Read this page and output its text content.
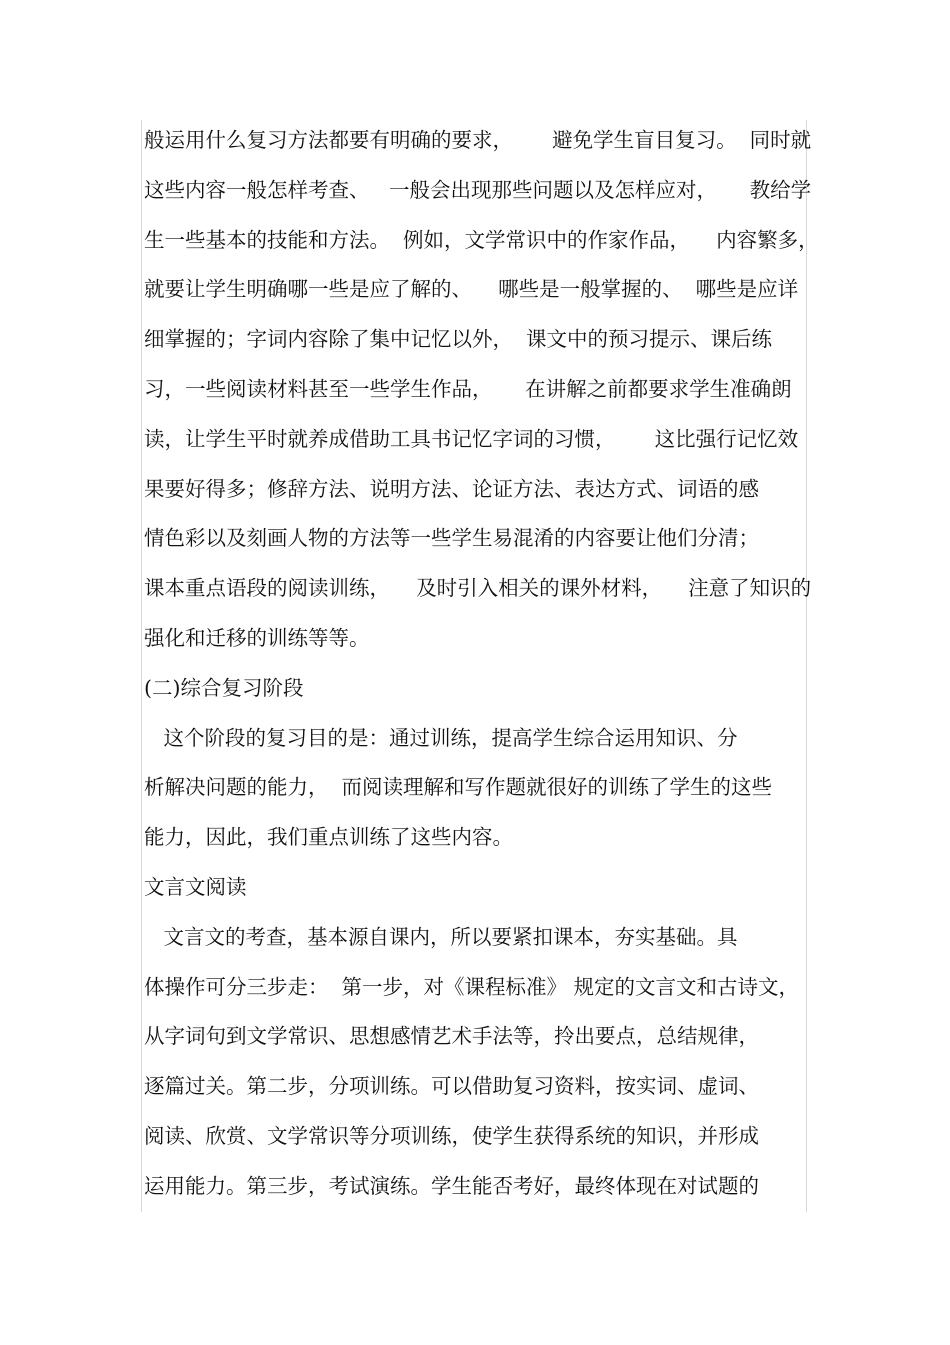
般运用什么复习方法都要有明确的要求，      避免学生盲目复习。  同时就
这些内容一般怎样考查、   一般会出现那些问题以及怎样应对，     教给学
生一些基本的技能和方法。  例如，文学常识中的作家作品，    内容繁多，
就要让学生明确哪一些是应了解的、    哪些是一般掌握的、  哪些是应详
细掌握的；字词内容除了集中记忆以外，  课文中的预习提示、课后练
习，一些阅读材料甚至一些学生作品，     在讲解之前都要求学生准确朗
读，让学生平时就养成借助工具书记忆字词的习惯，      这比强行记忆效
果要好得多；修辞方法、说明方法、论证方法、表达方式、词语的感
情色彩以及刻画人物的方法等一些学生易混淆的内容要让他们分清；
课本重点语段的阅读训练，    及时引入相关的课外材料，    注意了知识的
强化和迁移的训练等等。
(二)综合复习阶段
这个阶段的复习目的是：通过训练，提高学生综合运用知识、分
析解决问题的能力，  而阅读理解和写作题就很好的训练了学生的这些
能力，因此，我们重点训练了这些内容。
文言文阅读
文言文的考查，基本源自课内，所以要紧扣课本，夯实基础。具
体操作可分三步走：  第一步，对《课程标准》 规定的文言文和古诗文，
从字词句到文学常识、思想感情艺术手法等，拎出要点，总结规律，
逐篇过关。第二步，分项训练。可以借助复习资料，按实词、虚词、
阅读、欣赏、文学常识等分项训练，使学生获得系统的知识，并形成
运用能力。第三步，考试演练。学生能否考好，最终体现在对试题的
